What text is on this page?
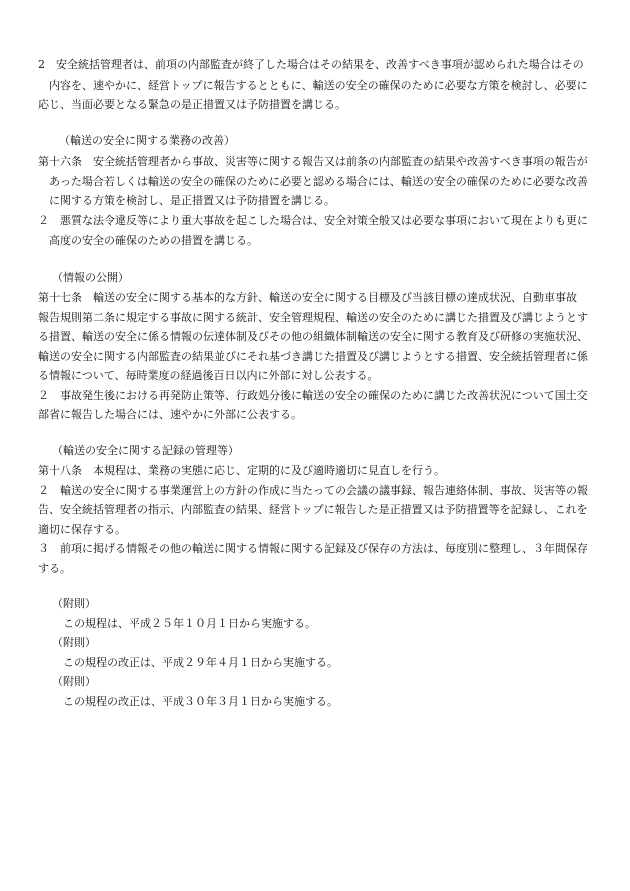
2　安全統括管理者は、前項の内部監査が終了した場合はその結果を、改善すべき事項が認められた場合はその

内容を、速やかに、経営トップに報告するとともに、輸送の安全の確保のために必要な方策を検討し、必要に

応じ、当面必要となる緊急の是正措置又は予防措置を講じる。

（輸送の安全に関する業務の改善）

第十六条　安全統括管理者から事故、災害等に関する報告又は前条の内部監査の結果や改善すべき事項の報告が

あった場合若しくは輸送の安全の確保のために必要と認める場合には、輸送の安全の確保のために必要な改善

に関する方策を検討し、是正措置又は予防措置を講じる。

２　悪質な法令違反等により重大事故を起こした場合は、安全対策全般又は必要な事項において現在よりも更に

高度の安全の確保のための措置を講じる。

（情報の公開）

第十七条　輸送の安全に関する基本的な方針、輸送の安全に関する目標及び当該目標の達成状況、自動車事故

報告規則第二条に規定する事故に関する統計、安全管理規程、輸送の安全のために講じた措置及び講じようとす

る措置、輸送の安全に係る情報の伝達体制及びその他の組織体制輸送の安全に関する教育及び研修の実施状況、

輸送の安全に関する内部監査の結果並びにそれ基づき講じた措置及び講じようとする措置、安全統括管理者に係

る情報について、毎時業度の経過後百日以内に外部に対し公表する。

２　事故発生後における再発防止策等、行政処分後に輸送の安全の確保のために講じた改善状況について国土交

部省に報告した場合には、速やかに外部に公表する。

（輸送の安全に関する記録の管理等）

第十八条　本規程は、業務の実態に応じ、定期的に及び適時適切に見直しを行う。

２　輸送の安全に関する事業運営上の方針の作成に当たっての会議の議事録、報告連絡体制、事故、災害等の報

告、安全統括管理者の指示、内部監査の結果、経営トップに報告した是正措置又は予防措置等を記録し、これを

適切に保存する。

３　前項に掲げる情報その他の輸送に関する情報に関する記録及び保存の方法は、毎度別に整理し、３年間保存

する。

（附則）

この規程は、平成２５年１０月１日から実施する。

（附則）

この規程の改正は、平成２９年４月１日から実施する。

（附則）

この規程の改正は、平成３０年３月１日から実施する。
